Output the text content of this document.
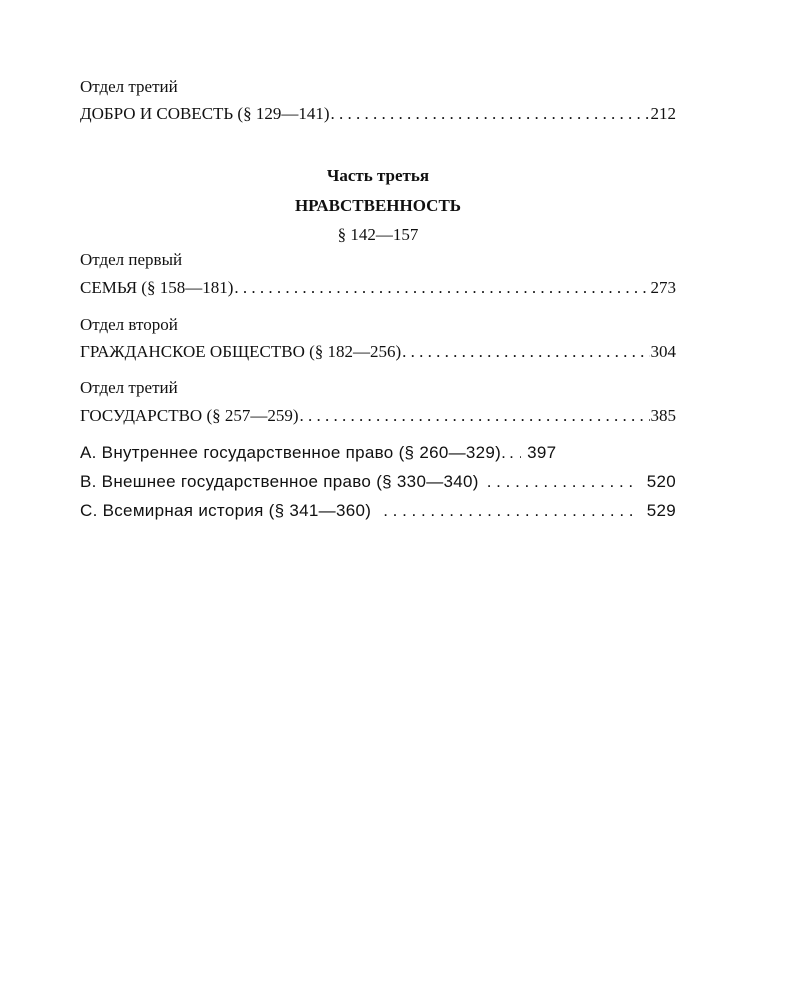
Отдел третий
ДОБРО И СОВЕСТЬ (§ 129—141) . . .	212
Часть третья
НРАВСТВЕННОСТЬ
§ 142—157
Отдел первый
СЕМЬЯ (§ 158—181) . . .	273
Отдел второй
ГРАЖДАНСКОЕ ОБЩЕСТВО (§ 182—256) . . .	304
Отдел третий
ГОСУДАРСТВО (§ 257—259) . . .	385
А. Внутреннее государственное право (§ 260—329). . . . 397
В. Внешнее государственное право (§ 330—340) . . .	520
С. Всемирная история (§ 341—360) . . .	529
